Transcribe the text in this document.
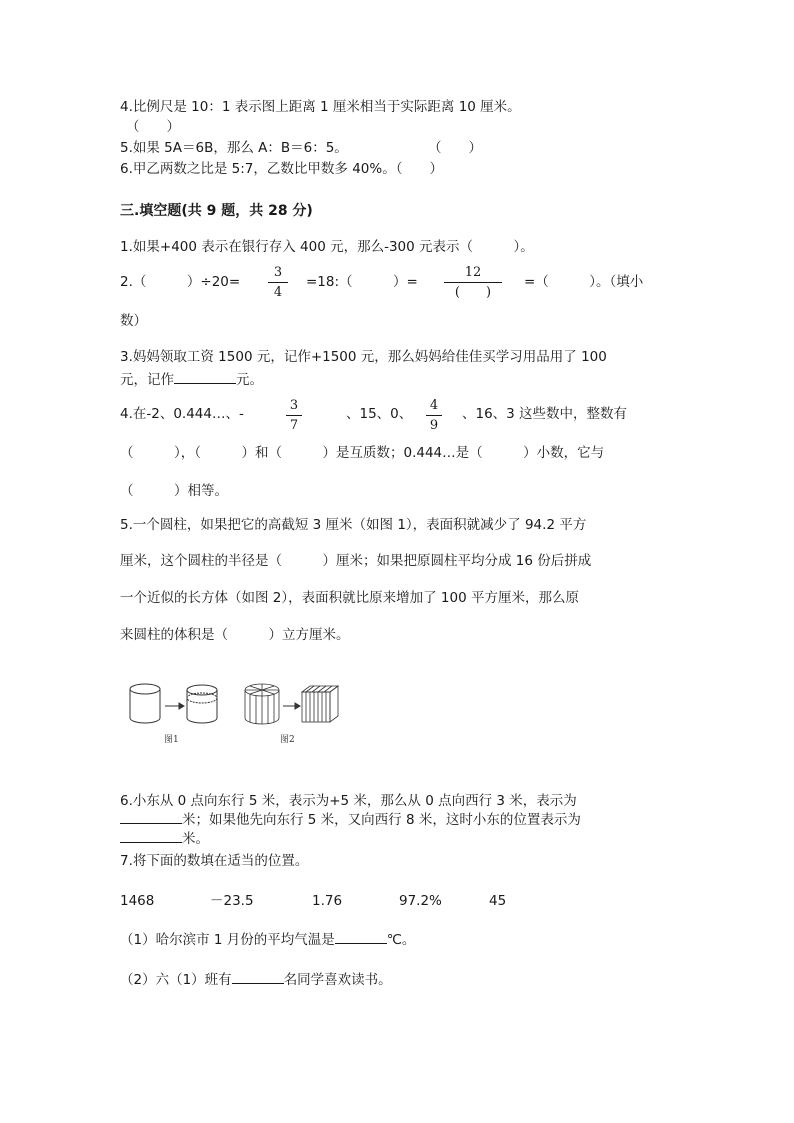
4.比例尺是 10：1 表示图上距离 1 厘米相当于实际距离 10 厘米。
（　　）
5.如果 5A＝6B，那么 A：B＝6：5。	（　　）
6.甲乙两数之比是 5:7，乙数比甲数多 40%。（　　）
三.填空题(共 9 题，共 28 分)
1.如果+400 表示在银行存入 400 元，那么-300 元表示（　　　）。
2.（　　　）÷20=
3
4
=18:（　　　）=
12
(　　)
=（　　　）。（填小
数）
3.妈妈领取工资 1500 元，记作+1500 元，那么妈妈给佳佳买学习用品用了 100
元，记作	元。
4.在-2、0.444…、-
3
7
、15、0、
4
9
、16、3 这些数中，整数有
（　　　），（　　　）和（　　　）是互质数；0.444…是（　　　）小数，它与
（　　　）相等。
5.一个圆柱，如果把它的高截短 3 厘米（如图 1），表面积就减少了 94.2 平方
厘米，这个圆柱的半径是（　　　）厘米；如果把原圆柱平均分成 16 份后拼成
一个近似的长方体（如图 2），表面积就比原来增加了 100 平方厘米，那么原
来圆柱的体积是（　　　）立方厘米。
图1	图2
6.小东从 0 点向东行 5 米，表示为+5 米，那么从 0 点向西行 3 米，表示为
米；如果他先向东行 5 米，又向西行 8 米，这时小东的位置表示为
米。
7.将下面的数填在适当的位置。
1468	－23.5	1.76	97.2%	45
（1）哈尔滨市 1 月份的平均气温是	℃。
（2）六（1）班有	名同学喜欢读书。
